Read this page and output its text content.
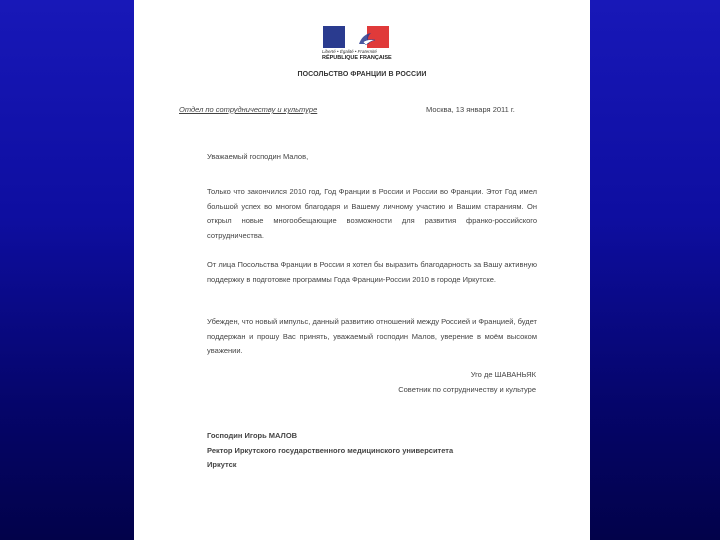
Liberté • Égalité • Fraternité
RÉPUBLIQUE FRANÇAISE
ПОСОЛЬСТВО ФРАНЦИИ В РОССИИ
Отдел по сотрудничеству и культуре	Москва, 13 января 2011 г.
Уважаемый господин Малов,
Только что закончился 2010 год, Год Франции в России и России во Франции. Этот Год имел большой успех во многом благодаря и Вашему личному участию и Вашим стараниям. Он открыл новые многообещающие возможности для развития франко-российского сотрудничества.
От лица Посольства Франции в России я хотел бы выразить благодарность за Вашу активную поддержку в подготовке программы Года Франции-России 2010 в городе Иркутске.
Убежден, что новый импульс, данный развитию отношений между Россией и Францией, будет поддержан и прошу Вас принять, уважаемый господин Малов, уверение в моём высоком уважении.
Уго де ШАВАНЬЯК
Советник по сотрудничеству и культуре
Господин Игорь МАЛОВ
Ректор Иркутского государственного медицинского университета
Иркутск
